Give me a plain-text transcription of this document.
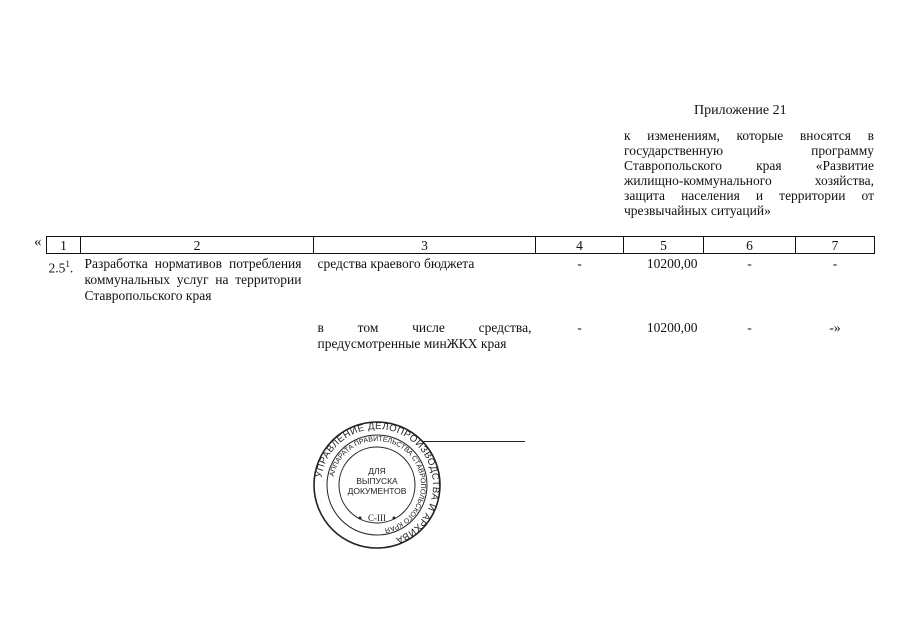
Приложение 21
к изменениям, которые вносятся в государственную программу Ставропольского края «Развитие жилищно-коммунального хозяйства, защита населения и территории от чрезвычайных ситуаций»
« 1	2	3	4	5	6	7
$2.5^1$.	Разработка нормативов потребления коммунальных услуг на территории Ставропольского края	средства краевого бюджета	-	10200,00	-	-
		в том числе средства, предусмотренные минЖКХ края	-	10200,00	-	-»
УПРАВЛЕНИЕ ДЕЛОПРОИЗВОДСТВА И АРХИВА
АППАРАТА ПРАВИТЕЛЬСТВА СТАВРОПОЛЬСКОГО КРАЯ
ДЛЯ
ВЫПУСКА
ДОКУМЕНТОВ
С-III
